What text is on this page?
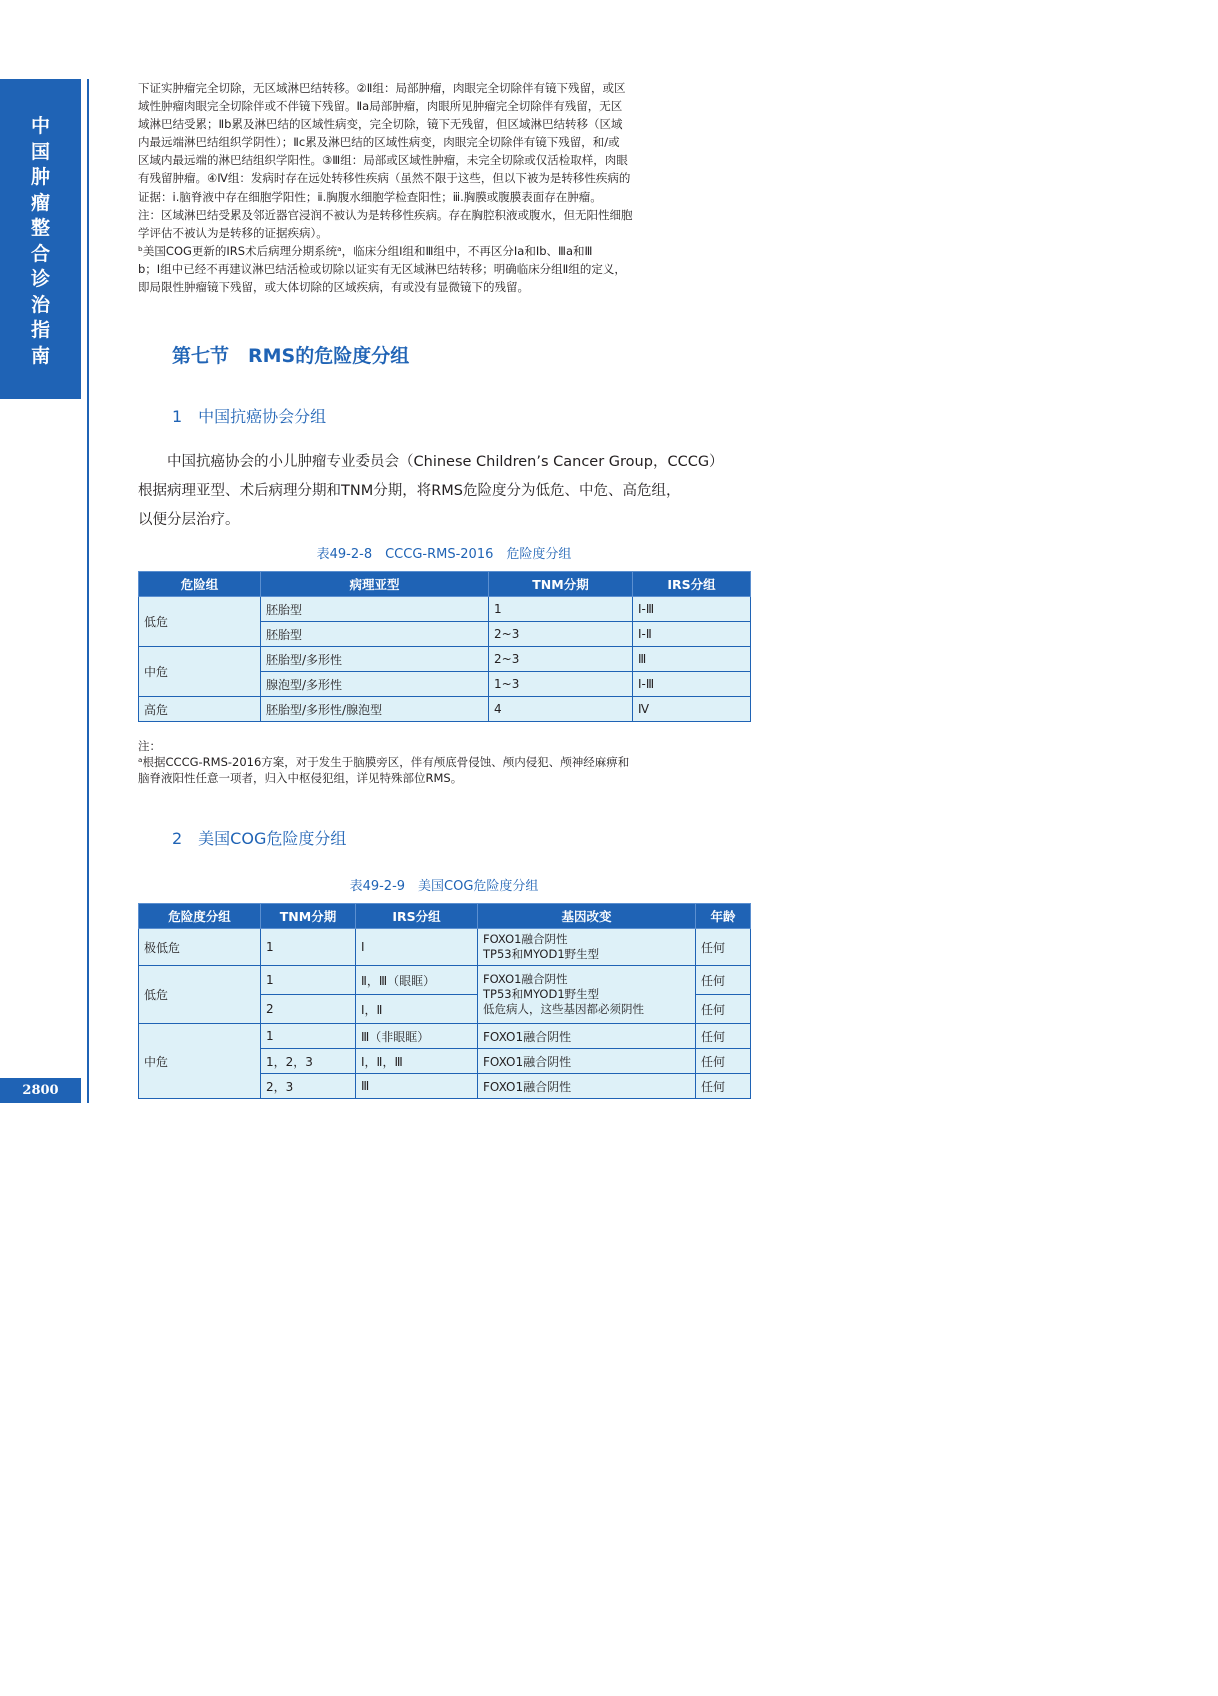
中
国
肿
瘤
整
合
诊
治
指
南
2800
下证实肿瘤完全切除，无区域淋巴结转移。②Ⅱ组：局部肿瘤，肉眼完全切除伴有镜下残留，或区
域性肿瘤肉眼完全切除伴或不伴镜下残留。Ⅱa局部肿瘤，肉眼所见肿瘤完全切除伴有残留，无区
域淋巴结受累；Ⅱb累及淋巴结的区域性病变，完全切除，镜下无残留，但区域淋巴结转移（区域
内最远端淋巴结组织学阴性）；Ⅱc累及淋巴结的区域性病变，肉眼完全切除伴有镜下残留，和/或
区域内最远端的淋巴结组织学阳性。③Ⅲ组：局部或区域性肿瘤，未完全切除或仅活检取样，肉眼
有残留肿瘤。④Ⅳ组：发病时存在远处转移性疾病（虽然不限于这些，但以下被为是转移性疾病的
证据：ⅰ.脑脊液中存在细胞学阳性；ⅱ.胸腹水细胞学检查阳性；ⅲ.胸膜或腹膜表面存在肿瘤。
注：区域淋巴结受累及邻近器官浸润不被认为是转移性疾病。存在胸腔积液或腹水，但无阳性细胞
学评估不被认为是转移的证据疾病）。
ᵇ美国COG更新的IRS术后病理分期系统ᵃ，临床分组Ⅰ组和Ⅲ组中，不再区分Ⅰa和Ⅰb、Ⅲa和Ⅲ
b；Ⅰ组中已经不再建议淋巴结活检或切除以证实有无区域淋巴结转移；明确临床分组Ⅱ组的定义，
即局限性肿瘤镜下残留，或大体切除的区域疾病，有或没有显微镜下的残留。
第七节　RMS的危险度分组
1　中国抗癌协会分组
　　中国抗癌协会的小儿肿瘤专业委员会（Chinese Children’s Cancer Group，CCCG）
根据病理亚型、术后病理分期和TNM分期，将RMS危险度分为低危、中危、高危组，
以便分层治疗。
表49-2-8　CCCG-RMS-2016　危险度分组
危险组	病理亚型	TNM分期	IRS分组
低危	胚胎型	1	Ⅰ-Ⅲ
	胚胎型	2~3	Ⅰ-Ⅱ
中危	胚胎型/多形性	2~3	Ⅲ
	腺泡型/多形性	1~3	Ⅰ-Ⅲ
高危	胚胎型/多形性/腺泡型	4	Ⅳ
注：
ᵃ根据CCCG-RMS-2016方案，对于发生于脑膜旁区，伴有颅底骨侵蚀、颅内侵犯、颅神经麻痹和
脑脊液阳性任意一项者，归入中枢侵犯组，详见特殊部位RMS。
2　美国COG危险度分组
表49-2-9　美国COG危险度分组
危险度分组	TNM分期	IRS分组	基因改变	年龄
极低危	1	Ⅰ	FOXO1融合阴性
TP53和MYOD1野生型	任何
低危	1	Ⅱ，Ⅲ（眼眶）	FOXO1融合阴性
TP53和MYOD1野生型
低危病人，这些基因都必须阴性	任何
	2	Ⅰ，Ⅱ		任何
中危	1	Ⅲ（非眼眶）	FOXO1融合阴性	任何
	1，2，3	Ⅰ，Ⅱ，Ⅲ	FOXO1融合阴性	任何
	2，3	Ⅲ	FOXO1融合阴性	任何
